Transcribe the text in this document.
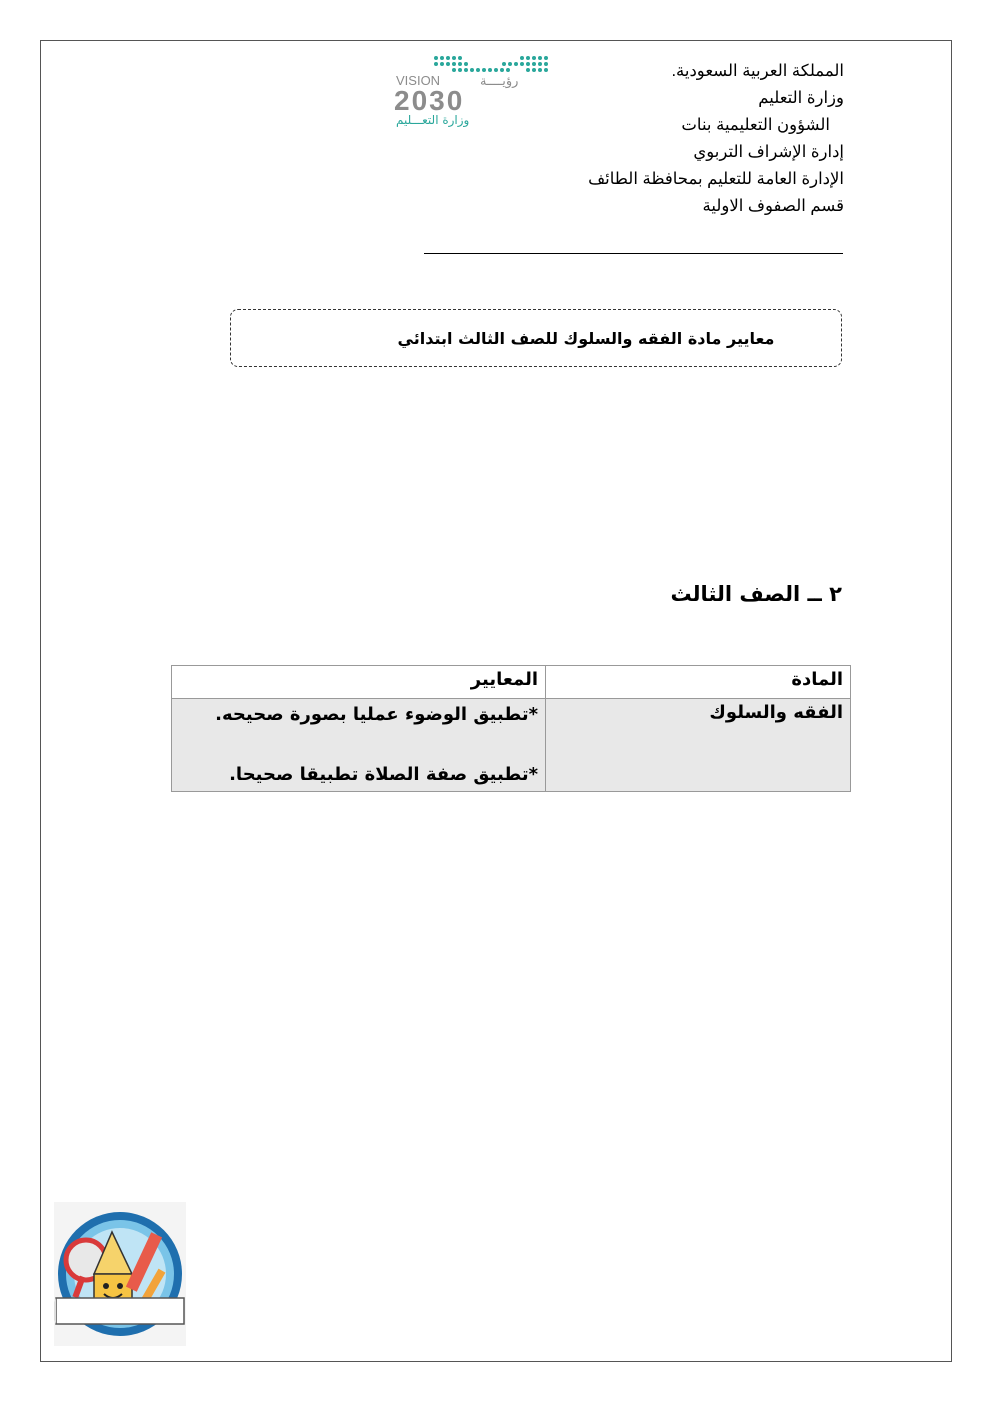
المملكة العربية السعودية.
وزارة التعليم
الشؤون التعليمية بنات
إدارة الإشراف التربوي
الإدارة العامة للتعليم بمحافظة الطائف
قسم الصفوف الاولية
VISION	رؤيــــة
2030
وزارة التعـــليم
معايير مادة الفقه والسلوك للصف الثالث ابتدائي
٢ ــ الصف الثالث
المادة	المعايير
الفقه والسلوك	*تطبيق الوضوء عمليا بصورة صحيحه.
*تطبيق صفة الصلاة تطبيقا صحيحا.
